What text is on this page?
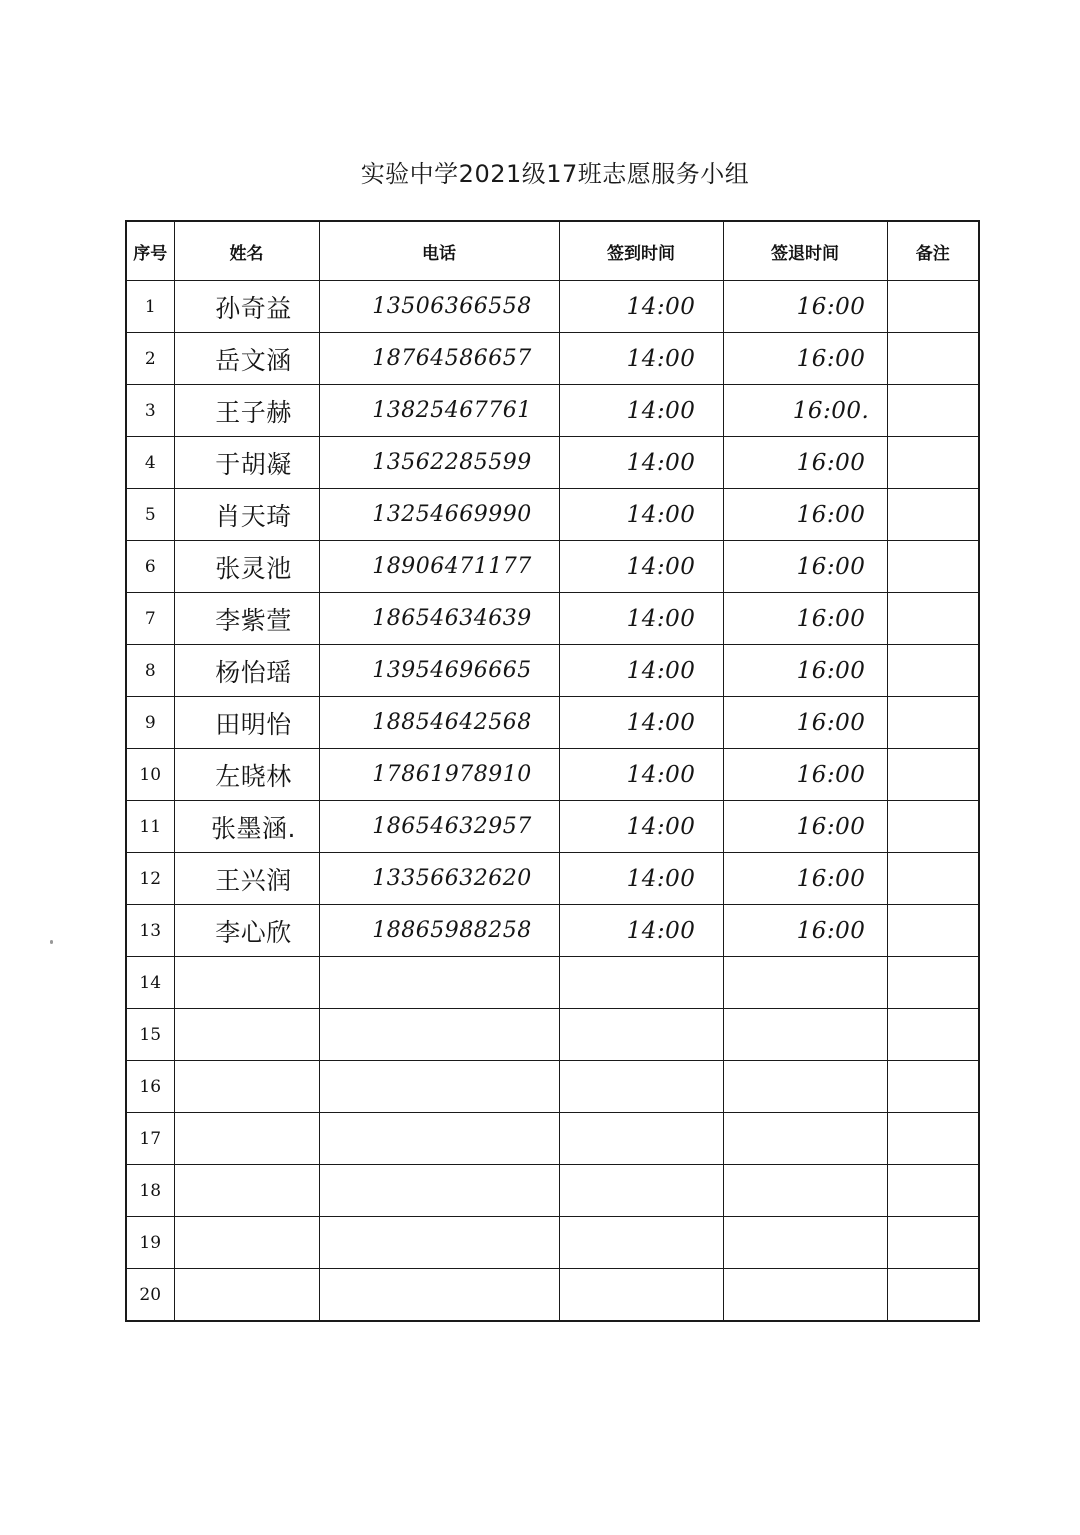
实验中学2021级17班志愿服务小组
序号	姓名	电话	签到时间	签退时间	备注
1	孙奇益	13506366558	14:00	16:00	
2	岳文涵	18764586657	14:00	16:00	
3	王子赫	13825467761	14:00	16:00.	
4	于胡凝	13562285599	14:00	16:00	
5	肖天琦	13254669990	14:00	16:00	
6	张灵池	18906471177	14:00	16:00	
7	李紫萱	18654634639	14:00	16:00	
8	杨怡瑶	13954696665	14:00	16:00	
9	田明怡	18854642568	14:00	16:00	
10	左晓林	17861978910	14:00	16:00	
11	张墨涵.	18654632957	14:00	16:00	
12	王兴润	13356632620	14:00	16:00	
13	李心欣	18865988258	14:00	16:00	
14					
15					
16					
17					
18					
19					
20					
